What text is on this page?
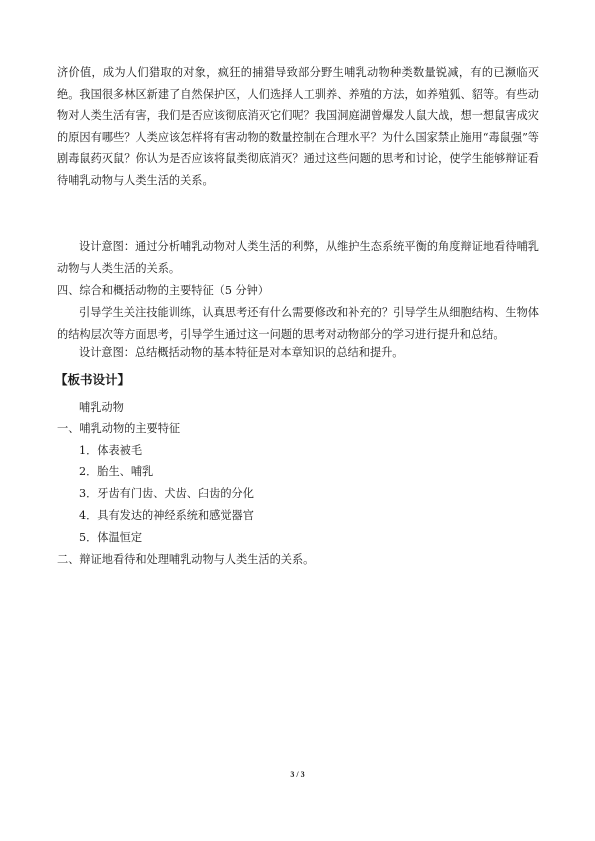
济价值，成为人们猎取的对象，疯狂的捕猎导致部分野生哺乳动物种类数量锐减，有的已濒临灭绝。我国很多林区新建了自然保护区，人们选择人工驯养、养殖的方法，如养殖狐、貂等。有些动物对人类生活有害，我们是否应该彻底消灭它们呢？我国洞庭湖曾爆发人鼠大战，想一想鼠害成灾的原因有哪些？人类应该怎样将有害动物的数量控制在合理水平？为什么国家禁止施用“毒鼠强”等剧毒鼠药灭鼠？你认为是否应该将鼠类彻底消灭？通过这些问题的思考和讨论，使学生能够辩证看待哺乳动物与人类生活的关系。

设计意图：通过分析哺乳动物对人类生活的利弊，从维护生态系统平衡的角度辩证地看待哺乳动物与人类生活的关系。

四、综合和概括动物的主要特征（5 分钟）

引导学生关注技能训练，认真思考还有什么需要修改和补充的？引导学生从细胞结构、生物体的结构层次等方面思考，引导学生通过这一问题的思考对动物部分的学习进行提升和总结。

设计意图：总结概括动物的基本特征是对本章知识的总结和提升。

【板书设计】

哺乳动物

一、哺乳动物的主要特征

1．体表被毛

2．胎生、哺乳

3．牙齿有门齿、犬齿、臼齿的分化

4．具有发达的神经系统和感觉器官

5．体温恒定

二、辩证地看待和处理哺乳动物与人类生活的关系。

3 / 3
